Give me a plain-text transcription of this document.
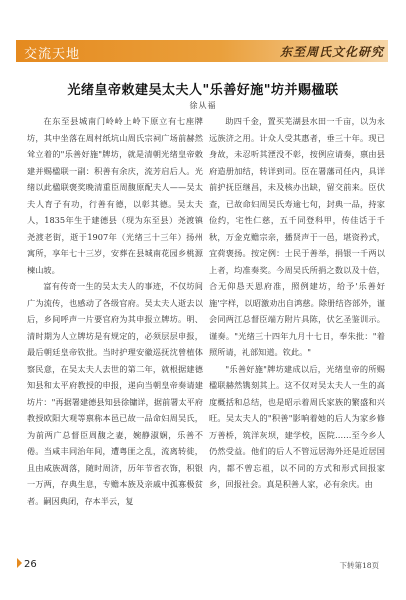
交流天地	东至周氏文化研究
光绪皇帝敕建吴太夫人"乐善好施"坊并赐楹联
徐从福

在东至县城南门岭岭上岭下原立有七座牌坊，其中坐落在周村纸坑山周氏宗祠广场前赫然耸立着的"乐善好施"牌坊，就是清朝光绪皇帝敕建并赐楹联一副：积善有余庆，流芳启后人。光绪以此楹联褒奖晚清重臣周馥原配夫人——吴太夫人育子有功，行善有德，以彰其德。吴太夫人，1835年生于建德县（现为东至县）尧渡镇尧渡老街，逝于1907年（光绪三十三年）扬州寓所，享年七十三岁，安葬在县城南花园乡桃源楝山坡。

富有传奇一生的吴太夫人的事迹，不仅坊间广为流传，也感动了各级官府。吴太夫人逝去以后，乡间呼声一片要官府为其申报立牌坊。明、清时期为人立牌坊是有规定的，必须层层申报，最后朝廷皇帝钦批。当时护理安徽巡抚沈曾植体察民意，在吴太夫人去世的第二年，就根据建德知县和太平府教授的申报，递向当朝皇帝奏请建坊片："再据署建德县知县徐镛详，据前署太平府教授欧阳大观等禀称本邑已故一品命妇周吴氏，为前两广总督臣周馥之妻，婉静淑娴，乐善不倦。当咸丰同治年间，遭粤匪之乱，流离转徙，且由咸族凋落，随时周济，历年节省衣饰，积银一万两，存典生息，专赡本族及亲戚中孤寡极贫者。嗣因典闭，存本半云，复

助四千金，置买芜湖县水田一千亩，以为永远族济之用。计众人受其惠者，垂三十年。现已身故，未忍听其湮没不彰，按例应请奏，禀由县府造册加结，转详到司。臣在署藩司任内，具详前护抚臣继昌，未及核办出缺，留交前来。臣伏查，已故命妇周吴氏寿逾七旬，封典一品，持家俭约，宅性仁慈，五千同登科甲，传佳话于千秋，万金克赡宗亲，播贤声于一邑，堪资矜式，宜荷褒扬。按定例：士民于善举，捐银一千两以上者，均准奏奖。今周吴氏所捐之数以及十倍，合无仰恳天恩府准，照例建坊，给予'乐善好施'字样，以昭激劝出自鸿慈。除册结咨部外，谨会同两江总督臣端方附片具陈，伏乞圣鉴训示。谨奏。"光绪三十四年九月十七日，奉朱批："着照所请，礼部知道。钦此。"

"乐善好施"牌坊建成以后，光绪皇帝的所赐楹联赫然镌刻其上。这不仅对吴太夫人一生的高度概括和总结，也是昭示着周氏家族的繁盛和兴旺。吴太夫人的"积善"影响着她的后人为家乡修万善桥，筑洋灰坝，建学校，医院……至今乡人仍然受益。他们的后人不管远居海外还是近居国内，都不曾忘祖，以不同的方式和形式回报家乡，回报社会。真是积善人家，必有余庆。由

26	下转第18页
